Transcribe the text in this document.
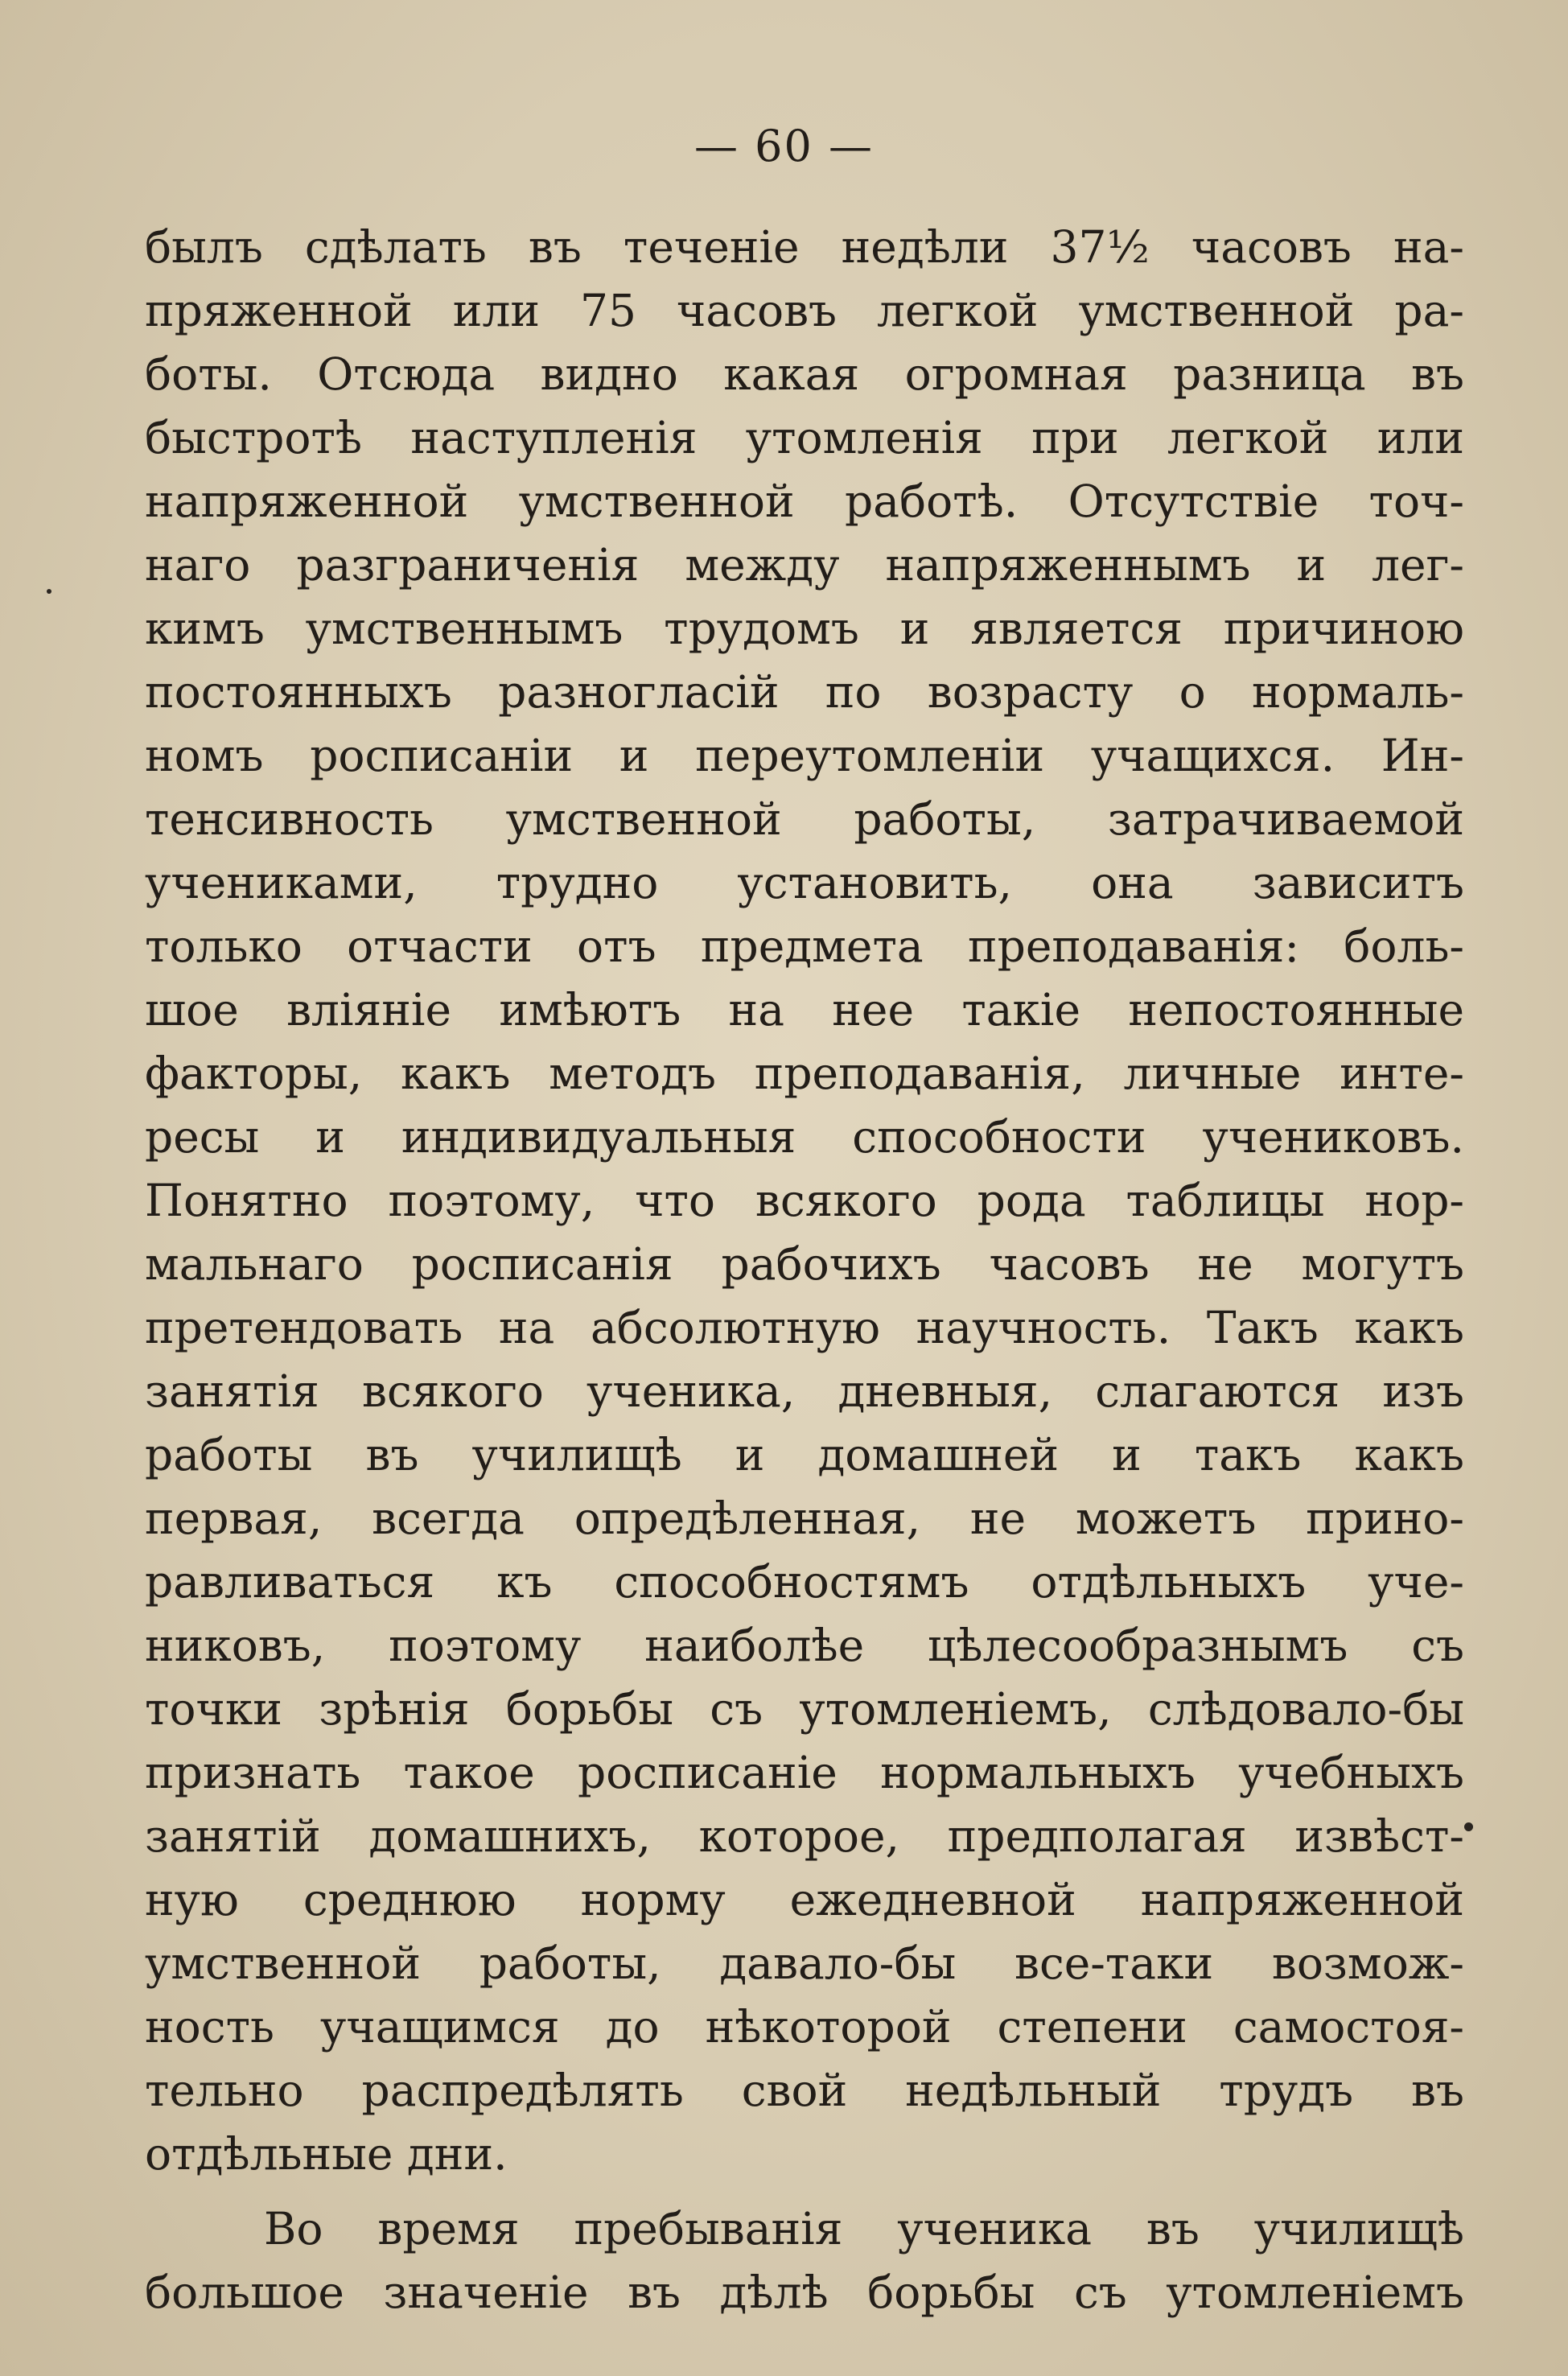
— 60 —
былъ сдѣлать въ теченіе недѣли 37½ часовъ на-
пряженной или 75 часовъ легкой умственной ра-
боты. Отсюда видно какая огромная разница въ
быстротѣ наступленія утомленія при легкой или
напряженной умственной работѣ. Отсутствіе точ-
наго разграниченія между напряженнымъ и лег-
кимъ умственнымъ трудомъ и является причиною
постоянныхъ разногласій по возрасту о нормаль-
номъ росписаніи и переутомленіи учащихся. Ин-
тенсивность умственной работы, затрачиваемой
учениками, трудно установить, она зависитъ
только отчасти отъ предмета преподаванія: боль-
шое вліяніе имѣютъ на нее такіе непостоянные
факторы, какъ методъ преподаванія, личные инте-
ресы и индивидуальныя способности учениковъ.
Понятно поэтому, что всякого рода таблицы нор-
мальнаго росписанія рабочихъ часовъ не могутъ
претендовать на абсолютную научность. Такъ какъ
занятія всякого ученика, дневныя, слагаются изъ
работы въ училищѣ и домашней и такъ какъ
первая, всегда опредѣленная, не можетъ прино-
равливаться къ способностямъ отдѣльныхъ уче-
никовъ, поэтому наиболѣе цѣлесообразнымъ съ
точки зрѣнія борьбы съ утомленіемъ, слѣдовало-бы
признать такое росписаніе нормальныхъ учебныхъ
занятій домашнихъ, которое, предполагая извѣст-
ную среднюю норму ежедневной напряженной
умственной работы, давало-бы все-таки возмож-
ность учащимся до нѣкоторой степени самостоя-
тельно распредѣлять свой недѣльный трудъ въ
отдѣльные дни.
Во время пребыванія ученика въ училищѣ
большое значеніе въ дѣлѣ борьбы съ утомленіемъ
